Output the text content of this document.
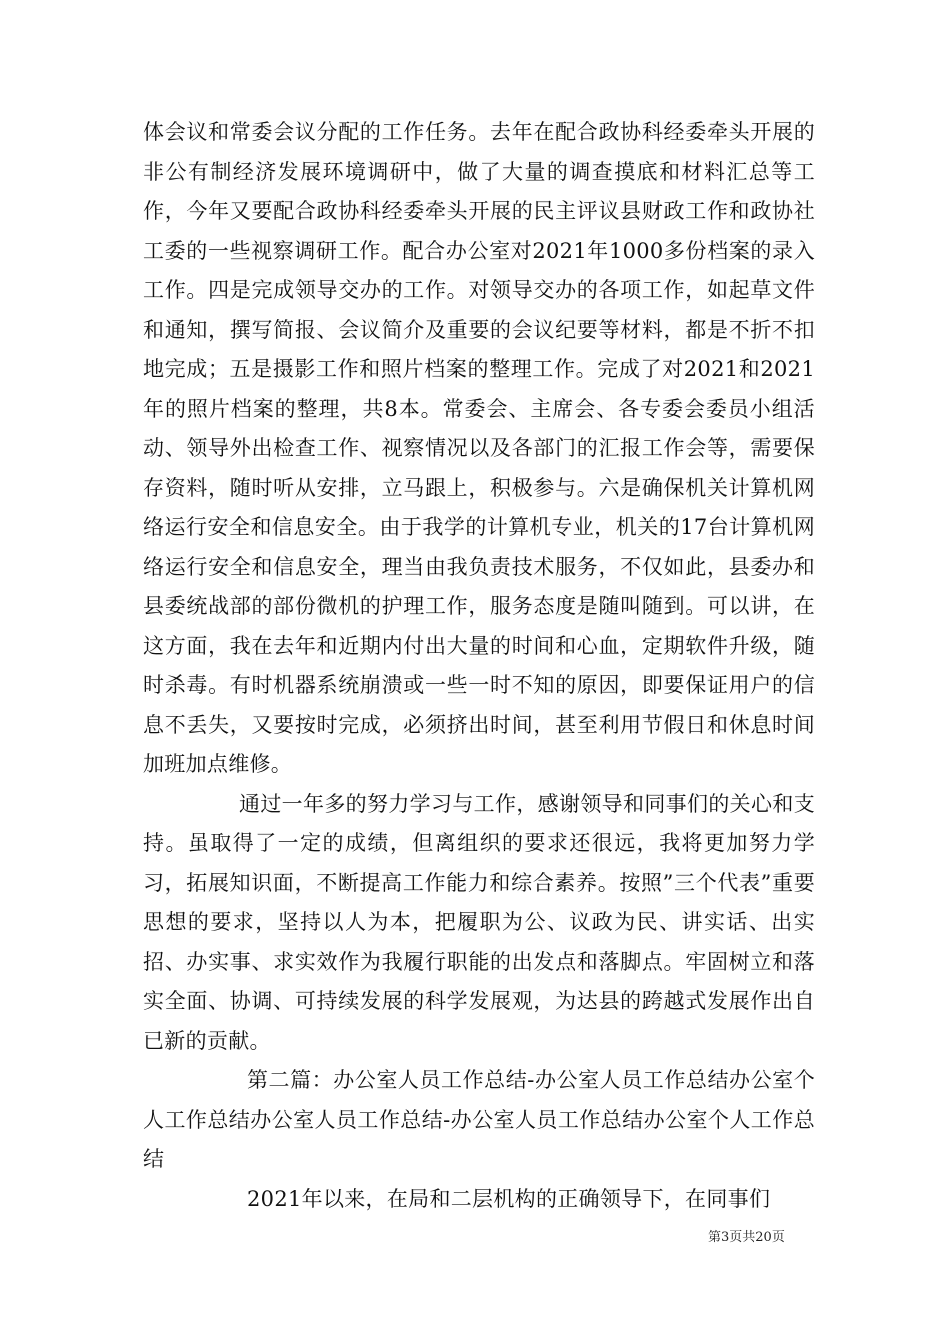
体会议和常委会议分配的工作任务。去年在配合政协科经委牵头开展的非公有制经济发展环境调研中，做了大量的调查摸底和材料汇总等工作，今年又要配合政协科经委牵头开展的民主评议县财政工作和政协社工委的一些视察调研工作。配合办公室对2021年1000多份档案的录入工作。四是完成领导交办的工作。对领导交办的各项工作，如起草文件和通知，撰写简报、会议简介及重要的会议纪要等材料，都是不折不扣地完成；五是摄影工作和照片档案的整理工作。完成了对2021和2021年的照片档案的整理，共8本。常委会、主席会、各专委会委员小组活动、领导外出检查工作、视察情况以及各部门的汇报工作会等，需要保存资料，随时听从安排，立马跟上，积极参与。六是确保机关计算机网络运行安全和信息安全。由于我学的计算机专业，机关的17台计算机网络运行安全和信息安全，理当由我负责技术服务，不仅如此，县委办和县委统战部的部份微机的护理工作，服务态度是随叫随到。可以讲，在这方面，我在去年和近期内付出大量的时间和心血，定期软件升级，随时杀毒。有时机器系统崩溃或一些一时不知的原因，即要保证用户的信息不丢失，又要按时完成，必须挤出时间，甚至利用节假日和休息时间加班加点维修。

通过一年多的努力学习与工作，感谢领导和同事们的关心和支持。虽取得了一定的成绩，但离组织的要求还很远，我将更加努力学习，拓展知识面，不断提高工作能力和综合素养。按照”三个代表”重要思想的要求，坚持以人为本，把履职为公、议政为民、讲实话、出实招、办实事、求实效作为我履行职能的出发点和落脚点。牢固树立和落实全面、协调、可持续发展的科学发展观，为达县的跨越式发展作出自已新的贡献。

第二篇：办公室人员工作总结-办公室人员工作总结办公室个人工作总结办公室人员工作总结-办公室人员工作总结办公室个人工作总结

2021年以来，在局和二层机构的正确领导下，在同事们

第3页共20页
